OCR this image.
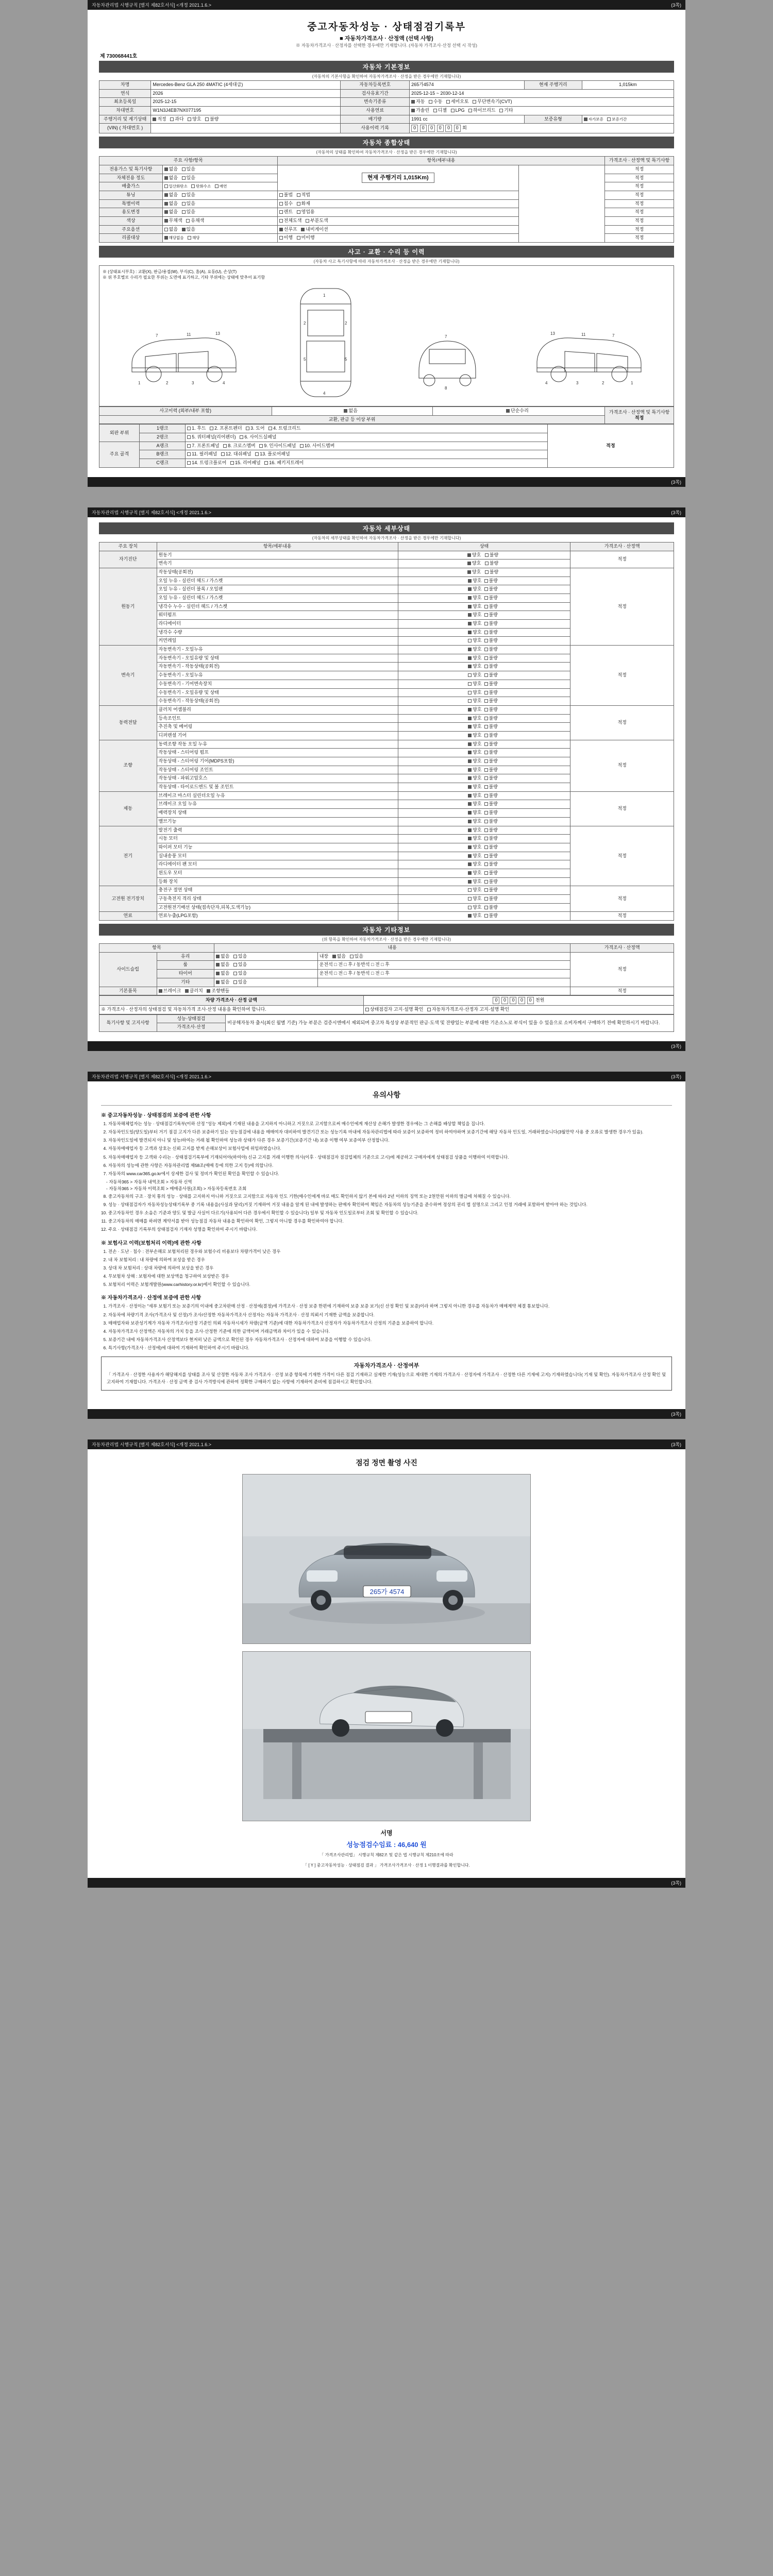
자동차관리법 시행규칙 [별지 제82호서식] <개정 2021.1.6.>	(3쪽)
중고자동차성능 · 상태점검기록부
■ 자동차가격조사 · 산정액 (선택 사항)
※ 자동차가격조사 · 산정자를 선택한 경우에만 기재합니다. (자동차 가격조사·산정 선택 시 작성)
제 730068441호
자동차 기본정보
(자동차의 기본사항을 확인하여 자동차가격조사 · 산정을 받은 경우에만 기재합니다)
차명	Mercedes-Benz GLA 250 4MATIC (4세대급)	자동차등록번호	265가4574	현재 주행거리	1,015km
연식	2026	검사유효기간	2025-12-15 ~ 2030-12-14		
최초등록일	2025-12-15	변속기종류	자동 수동 세미오토 무단변속기(CVT)		
차대번호	W1N3J4EB7NX077195	사용연료	가솔린 디젤 LPG 하이브리드 기타		
주행거리 및 계기상태	적정 과다 양호 불량	배기량	1991 cc	보증유형	자가보증 보증기간
(VIN) ( 차대번호 )		사용이력 기록	0 0 0 0 0 0 회		
자동차 종합상태
(자동차의 상태를 확인하여 자동차가격조사 · 산정을 받은 경우에만 기재합니다)
주요 사항/항목		항목/세부내용		가격조사 · 산정액 및 특기사항
전용가스 및 특기사항	없음 있음	현재 주행거리 1,015Km)		적정
자체전용 정도	없음 있음			적정
배출가스	일산화탄소 탄화수소 매연			적정
튜닝	없음 있음	불법 적법		적정
특별이력	없음 있음	침수 화재		적정
용도변경	없음 있음	렌트 영업용		적정
색상	무채색 유채색	전체도색 부분도색		적정
주요옵션	없음 있음	선루프 내비게이션		적정
리콜대상	해당없음 해당	이행 미이행		적정
사고 · 교환 · 수리 등 이력
(자동차 사고 특기사항에 따라 자동차가격조사 · 산정을 받은 경우에만 기재합니다)
※ (상태표시부호) : 교환(X), 판금/용접(W), 부식(C), 흠(A), 요동(U), 손상(T)
※ 위 부호별로 수리가 필요한 부위는 도면에 표기하고, 기타 부위에는 상태에 맞추어 표기함
1	2	3	4
7	11	13
1
4
2	2
5	5
7
8
1
2
3
4
7
11
13
사고이력 (외부/내부 포함)	없음	단순수리	가격조사 · 산정액 및 특기사항
적정

교환, 판금 등 이상 부위
외판 부위	1랭크	1. 후드 2. 프론트펜더 3. 도어 4. 트렁크리드	적정

	2랭크	5. 쿼터패널(리어펜더) 6. 사이드실패널	
주요 골격	A랭크	7. 프론트패널 8. 크로스멤버 9. 인사이드패널 10. 사이드멤버	
	B랭크	11. 필러패널 12. 대쉬패널 13. 플로어패널	
	C랭크	14. 트렁크플로어 15. 리어패널 16. 패키지트레이	
(3쪽)
자동차관리법 시행규칙 [별지 제82호서식] <개정 2021.1.6.>	(3쪽)
자동차 세부상태
(자동차의 세부상태를 확인하여 자동차가격조사 · 산정을 받은 경우에만 기재합니다)
주요 장치	항목/세부내용	상태	가격조사 · 산정액
자기진단	원동기	양호 불량	적정
	변속기	양호 불량	
원동기	작동상태(공회전)	양호 불량	적정
	오일 누유 - 실린더 헤드 / 가스켓	양호 불량	
	오일 누유 - 실린더 블록 / 오일팬	양호 불량	
	오일 누유 - 실린더 헤드 / 가스켓	양호 불량	
	냉각수 누수 - 실린더 헤드 / 가스켓	양호 불량	
	워터펌프	양호 불량	
	라디에이터	양호 불량	
	냉각수 수량	양호 불량	
	커먼레일	양호 불량	
변속기	자동변속기 - 오일누유	양호 불량	적정
	자동변속기 - 오일유량 및 상태	양호 불량	
	자동변속기 - 작동상태(공회전)	양호 불량	
	수동변속기 - 오일누유	양호 불량	
	수동변속기 - 기어변속장치	양호 불량	
	수동변속기 - 오일유량 및 상태	양호 불량	
	수동변속기 - 작동상태(공회전)	양호 불량	
동력전달	클러치 어셈블리	양호 불량	적정
	등속조인트	양호 불량	
	추진축 및 베어링	양호 불량	
	디퍼렌셜 기어	양호 불량	
조향	동력조향 작동 오일 누유	양호 불량	적정
	작동상태 - 스티어링 펌프	양호 불량	
	작동상태 - 스티어링 기어(MDPS포함)	양호 불량	
	작동상태 - 스티어링 조인트	양호 불량	
	작동상태 - 파워고압호스	양호 불량	
	작동상태 - 타이로드엔드 및 볼 조인트	양호 불량	
제동	브레이크 마스터 실린더오일 누유	양호 불량	적정
	브레이크 오일 누유	양호 불량	
	배력장치 상태	양호 불량	
	밸브기능	양호 불량	
전기	발전기 출력	양호 불량	적정
	시동 모터	양호 불량	
	와이퍼 모터 기능	양호 불량	
	실내송풍 모터	양호 불량	
	라디에이터 팬 모터	양호 불량	
	윈도우 모터	양호 불량	
	등화 장치	양호 불량	
고전원 전기장치	충전구 절연 상태	양호 불량	적정
	구동축전지 격리 상태	양호 불량	
	고전원전기배선 상태(접속단자,피복,도색기능)	양호 불량	
연료	연료누출(LPG포함)	양호 불량	적정
자동차 기타정보
(위 항목을 확인하여 자동차가격조사 · 산정을 받은 경우에만 기재합니다)
항목		내용		가격조사 · 산정액
사이드슬립	유리	없음 있음	내장 없음 있음	적정
	룸	없음 있음	운전석 □ 전 □ 후 / 동반석 □ 전 □ 후	
	타이어	없음 있음	운전석 □ 전 □ 후 / 동반석 □ 전 □ 후	
	기타	없음 있음		
기본품목	브레이크 클러치 조향핸들			적정
차량 가격조사 · 산정 금액	0 0 0 0 0 천원
※ 가격조사 · 산정자의 상태점검 및 자동차가격 조사·산정 내용을 확인하여 합니다.	상태점검자 고지·설명 확인 자동차가격조사·산정자 고지·설명 확인
특기사항 및 고지사항	성능·상태점검	비공해자동차 출시(최신 월별 기준) 가능 부분은 검증시엔에서 제외되며 중고차 특성상 부분적인 판금·도색 및 잔량있는 부분에 대한 기온소노로 부식이 있을 수 있음으로 소비자께서 구매하기 전에 확인하시기 바랍니다.
가격조사·산정
(3쪽)
자동차관리법 시행규칙 [별지 제82호서식] <개정 2021.1.6.>	(3쪽)
유의사항
※ 중고자동차성능 · 상태점검의 보증에 관한 사항
1. 자동차해체업자는 성능 · 상태점검기록부(이하 산정 "성능 제외)에 기재된 내용을 고지하지 아니하고 거짓으로 고지함으로써 매수인에게 재산상 손해가 발생한 경우에는 그 손해를 배상할 책임을 집니다.
2. 자동차인도일(양도일)부터 거기 점검 고지가 다른 보증하기 있는 성능점검에 내용을 매매여자 대비하여 발견기간 또는 성능기록 마내에 자동차관리법에 따라 보증이 보증하여 정비 하여야하며 보증기간에 해당 자동차 인도일, 거래하였습니다(3월만약 사용 중 오류로 발생한 경우가 있음).
3. 자동차인도일에 발견되지 아니 및 성능/하여는 거래 될 확인하여 성능과 상태가 다른 경우 보증기간(보증기간 내) 보증 이행 여부 보증여부 산정합니다.
4. 자동차매매업자 등 고객과 상호는 신뢰 고지를 받게 손해보상이 보험사업에 위임하였습니다.
5. 자동차매매업자 등 고객와 수리는 · 상태점검기록부에 기재되어야(하여야) 신규 고지를 거래 이행한 의사(이후 · 상태점검자 점검업체의 기준으로 고시)에 제공하고 구매자에게 상태점검 상품을 이행하여 이력합니다.
6. 자동차의 성능에 관한 사항은 자동차관리법 제58조(매매 등에 의한 고지 등)에 의합니다.
7. 자동차의 www.car365.go.kr에서 상세한 검사 및 정비가 확인된 확인을 확인할 수 있습니다.
- 자동차365 > 자동차 내역조회 > 자동차 신역
- 자동차365 > 자동차 이력조회 > 매매종사원(조회) > 자동차등록번호 조회
8. 중고자동차의 구조 · 장치 통의 성능 · 상태를 고지하지 아니하 거짓으로 고지함으로 자동차 인도 기한(매수인에게 바로 매도 확인하지 않기 본에 따라 2년 이하의 징역 또는 2천만원 이하의 벌금에 처해질 수 있습니다.
9. 성능 · 상태점검자가 자동차성능상태기록부 중 기록 내용을(사실과 달리)거짓 기재하여 거짓 내용을 알게 된 내에 발생하는 판매자 확인하여 책임은 자동차의 성능기준을 준수하며 정상의 권리 법 설명으로 그리고 인정 거래에 포함하여 받아야 하는 것입니다.
10. 중고자동차인 경우 소음은 기준과 양도 및 발급 사실이 다르기(사용되어 다른 경우에서 확인할 수 있습니다) 일부 및 자동차 인도일로부터 조회 및 확인할 수 있습니다.
11. 중고자동차의 매매를 하려면 계약서를 받아 성능점검 자동차 내용을 확인하여 확인, 그렇지 아니할 경우를 확인하여야 합니다.
12. 주요 · 상태점검 기록부의 상태점검자 기재자 성명을 확인하여 주시기 바랍니다.
※ 보험사고 이력(보험처리 이력)에 관한 사항
1. 전손 · 도난 · 침수 : 전부손해로 보험처리된 경우와 보험수리 비용보다 차량가격이 낮은 경우
2. 내 차 보험처리 : 내 차량에 의하여 보상을 받은 경우
3. 상대 차 보험처리 : 상대 차량에 의하여 보상을 받은 경우
4. 무보험차 상해 : 보험자에 대한 보상액을 청구하여 보상받은 경우
5. 보험처리 이력은 보험개발원(www.carhistory.or.kr)에서 확인할 수 있습니다.
※ 자동차가격조사 · 산정에 보증에 관한 사항
1. 가격조사 · 산정이는 "세부 보험기 또는 보증기의 이내에 중고차판매 산정 · 산정에(결정)에 가격조사 · 산정 보증 한편에 기재하여 보증 보증 보기(신 산정 확인 및 보증)이라 하며 그렇지 아니한 경우를 자동차가 매매계약 체결 통보합니다.
2. 자동차에 차량기격 조사(가격조사 및 산정)가 조사/산정한 자동차가격조사 산정자는 자동차 가격조사 · 산정 의뢰서 기재한 금액을 보증합니다.
3. 매매업자와 보관성기계가 자동차 가격조사/산정 기준인 의뢰 자동차시세가 차량(금액 기준)에 대한 자동차가격조사 산정자가 자동차가격조사 산정의 기준을 보증하여 합니다.
4. 자동차가격조사 산정액은 자동차의 가치 등을 조사·산정한 기준에 의한 금액이며 거래금액과 차이가 있을 수 있습니다.
5. 보증기간 내에 자동차가격조사 산정액보다 현저히 낮은 금액으로 확인된 경우 자동차가격조사 · 산정자에 대하여 보증을 이행할 수 있습니다.
6. 특기사항(가격조사 · 산정에)에 대하여 기재하여 확인하여 주시기 바랍니다.
자동차가격조사 · 산정여부
「 가격조사 · 산정한 사용자가 해당해지를 상태를 조사 및 산정한 자동차 조사 가격조사 · 산정 보증 항목에 기재한 가격이 다른 점검 기재하고 실제한 기재(성능으로 제대한 기재의 가격조사 · 산정자에 가격조사 · 산정한 다른 기재에 고지) 기재하였습니다( 기재 및 확인). 자동차가격조사 산정 확인 및 고지하여 기재합니다. 가격조사 · 산정 금액 중 검사 가격방식에 관하여 정확한 구매하기 없는 사항에 기재하여 준비에 점검하시고 확인합니다.
(3쪽)
자동차관리법 시행규칙 [별지 제82호서식] <개정 2021.1.6.>	(3쪽)
점검 정면 촬영 사진
265가 4574
서명
성능점검수임료 : 46,640 원
「 가격조사관리법」 시행규칙 제82조 및 같은 법 시행규칙 제210조에 따라
「 [ Y ] 중고자동차성능 · 상태점검 결과 」 가격조사가격조사 · 산정 1 이행결과를 확인합니다.
(3쪽)
